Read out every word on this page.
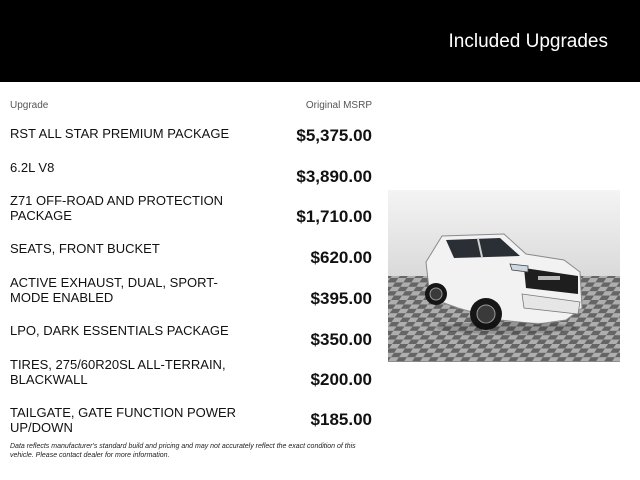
Included Upgrades
Upgrade	Original MSRP
RST ALL STAR PREMIUM PACKAGE	$5,375.00
6.2L V8	$3,890.00
Z71 OFF-ROAD AND PROTECTION PACKAGE	$1,710.00
SEATS, FRONT BUCKET	$620.00
ACTIVE EXHAUST, DUAL, SPORT-MODE ENABLED	$395.00
LPO, DARK ESSENTIALS PACKAGE	$350.00
TIRES, 275/60R20SL ALL-TERRAIN, BLACKWALL	$200.00
TAILGATE, GATE FUNCTION POWER UP/DOWN	$185.00
Data reflects manufacturer's standard build and pricing and may not accurately reflect the exact condition of this vehicle. Please contact dealer for more information.
